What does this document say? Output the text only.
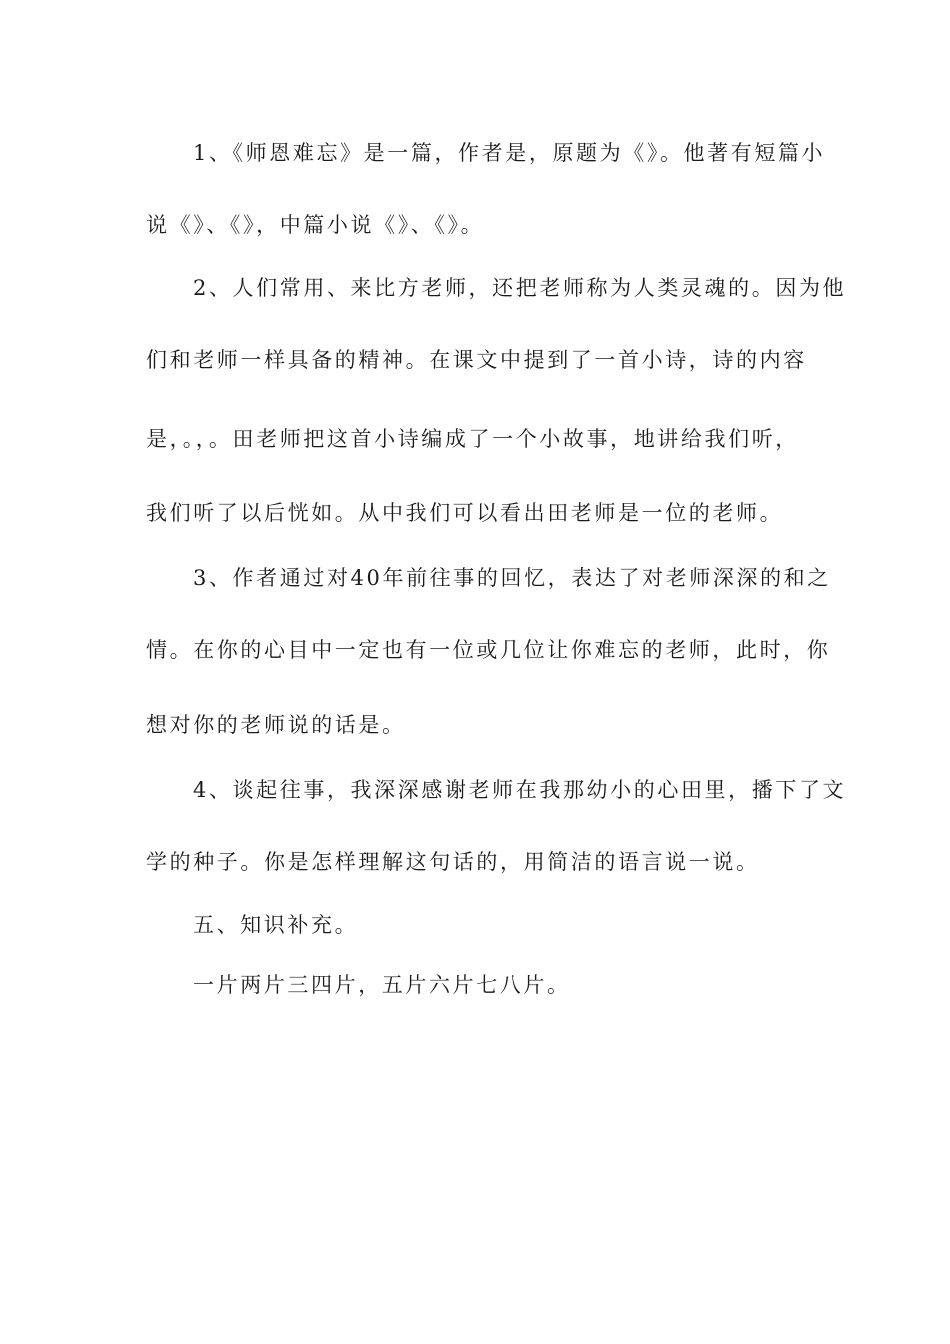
1、《师恩难忘》是一篇，作者是，原题为《》。他著有短篇小
说《》、《》，中篇小说《》、《》。
2、人们常用、来比方老师，还把老师称为人类灵魂的。因为他
们和老师一样具备的精神。在课文中提到了一首小诗，诗的内容
是，。，。田老师把这首小诗编成了一个小故事，地讲给我们听，
我们听了以后恍如。从中我们可以看出田老师是一位的老师。
3、作者通过对40年前往事的回忆，表达了对老师深深的和之
情。在你的心目中一定也有一位或几位让你难忘的老师，此时，你
想对你的老师说的话是。
4、谈起往事，我深深感谢老师在我那幼小的心田里，播下了文
学的种子。你是怎样理解这句话的，用简洁的语言说一说。
五、知识补充。
一片两片三四片，五片六片七八片。
